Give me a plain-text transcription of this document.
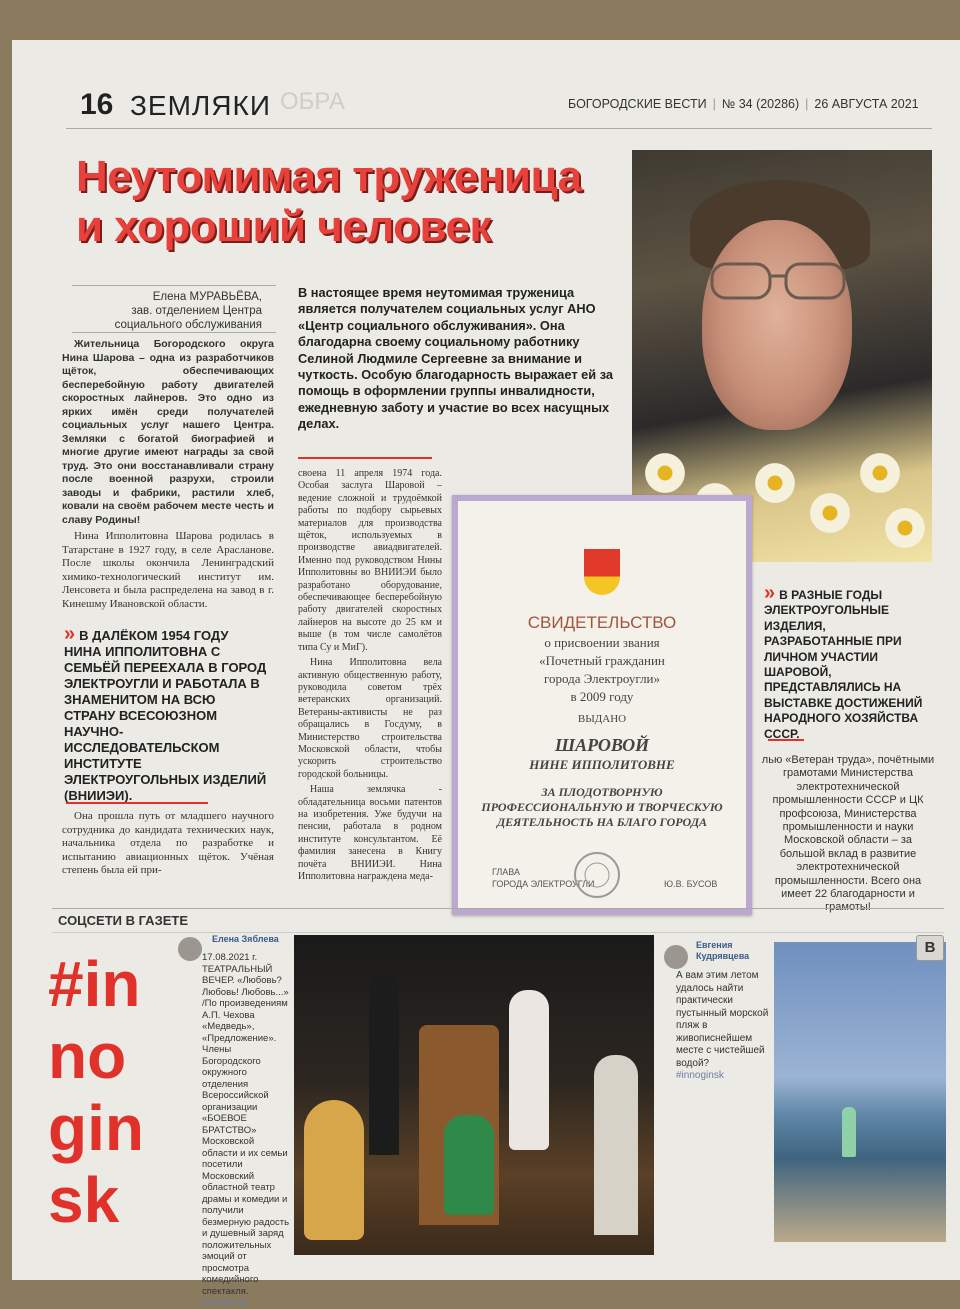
16 ЗЕМЛЯКИ ОБРА	БОГОРОДСКИЕ ВЕСТИ | № 34 (20286) | 26 АВГУСТА 2021
Неутомимая труженица
и хороший человек
Елена МУРАВЬЁВА,
зав. отделением Центра социального обслуживания

Жительница Богородского округа Нина Шарова – одна из разработчиков щёток, обеспечивающих бесперебойную работу двигателей скоростных лайнеров. Это одно из ярких имён среди получателей социальных услуг нашего Центра. Земляки с богатой биографией и многие другие имеют награды за свой труд. Это они восстанавливали страну после военной разрухи, строили заводы и фабрики, растили хлеб, ковали на своём рабочем месте честь и славу Родины!

Нина Ипполитовна Шарова родилась в Татарстане в 1927 году, в селе Арасланове. После школы окончила Ленинградский химико-технологический институт им. Ленсовета и была распределена на завод в г. Кинешму Ивановской области.

» В ДАЛЁКОМ 1954 ГОДУ НИНА ИППОЛИТОВНА С СЕМЬЁЙ ПЕРЕЕХАЛА В ГОРОД ЭЛЕКТРОУГЛИ И РАБОТАЛА В ЗНАМЕНИТОМ НА ВСЮ СТРАНУ ВСЕСОЮЗНОМ НАУЧНО-ИССЛЕДОВАТЕЛЬСКОМ ИНСТИТУТЕ ЭЛЕКТРОУГОЛЬНЫХ ИЗДЕЛИЙ (ВНИИЭИ).

Она прошла путь от младшего научного сотрудника до кандидата технических наук, начальника отдела по разработке и испытанию авиационных щёток. Учёная степень была ей при-

В настоящее время неутомимая труженица является получателем социальных услуг АНО «Центр социального обслуживания». Она благодарна своему социальному работнику Селиной Людмиле Сергеевне за внимание и чуткость. Особую благодарность выражает ей за помощь в оформлении группы инвалидности, ежедневную заботу и участие во всех насущных делах.

своена 11 апреля 1974 года. Особая заслуга Шаровой – ведение сложной и трудоёмкой работы по подбору сырьевых материалов для производства щёток, используемых в производстве авиадвигателей. Именно под руководством Нины Ипполитовны во ВНИИЭИ было разработано оборудование, обеспечивающее бесперебойную работу двигателей скоростных лайнеров на высоте до 25 км и выше (в том числе самолётов типа Су и МиГ).

Нина Ипполитовна вела активную общественную работу, руководила советом трёх ветеранских организаций. Ветераны-активисты не раз обращались в Госдуму, в Министерство строительства Московской области, чтобы ускорить строительство городской больницы.

Наша землячка - обладательница восьми патентов на изобретения. Уже будучи на пенсии, работала в родном институте консультантом. Её фамилия занесена в Книгу почёта ВНИИЭИ. Нина Ипполитовна награждена меда-

СВИДЕТЕЛЬСТВО
о присвоении звания
«Почетный гражданин
города Электроугли»
в 2009 году
ВЫДАНО
ШАРОВОЙ
НИНЕ ИППОЛИТОВНЕ
ЗА ПЛОДОТВОРНУЮ ПРОФЕССИОНАЛЬНУЮ И ТВОРЧЕСКУЮ ДЕЯТЕЛЬНОСТЬ НА БЛАГО ГОРОДА
ГЛАВА
ГОРОДА ЭЛЕКТРОУГЛИ	Ю.В. БУСОВ
» В РАЗНЫЕ ГОДЫ ЭЛЕКТРОУГОЛЬНЫЕ ИЗДЕЛИЯ, РАЗРАБОТАННЫЕ ПРИ ЛИЧНОМ УЧАСТИИ ШАРОВОЙ, ПРЕДСТАВЛЯЛИСЬ НА ВЫСТАВКЕ ДОСТИЖЕНИЙ НАРОДНОГО ХОЗЯЙСТВА СССР.
лью «Ветеран труда», почётными грамотами Министерства электротехнической промышленности СССР и ЦК профсоюза, Министерства промышленности и науки Московской области – за большой вклад в развитие электротехнической промышленности. Всего она имеет 22 благодарности и
СОЦСЕТИ В ГАЗЕТЕ
#in
no
gin
sk
Елена Зяблева
17.08.2021 г. ТЕАТРАЛЬНЫЙ ВЕЧЕР. «Любовь? Любовь! Любовь...» /По произведениям А.П. Чехова «Медведь», «Предложение». Члены Богородского окружного отделения Всероссийской организации «БОЕВОЕ БРАТСТВО» Московской области и их семьи посетили Московский областной театр драмы и комедии и получили безмерную радость и душевный заряд положительных эмоций от просмотра комедийного спектакля.
#innoginsk
Евгения Кудрявцева
А вам этим летом удалось найти практически пустынный морской пляж в живописнейшем месте с чистейшей водой?
#innoginsk
В
